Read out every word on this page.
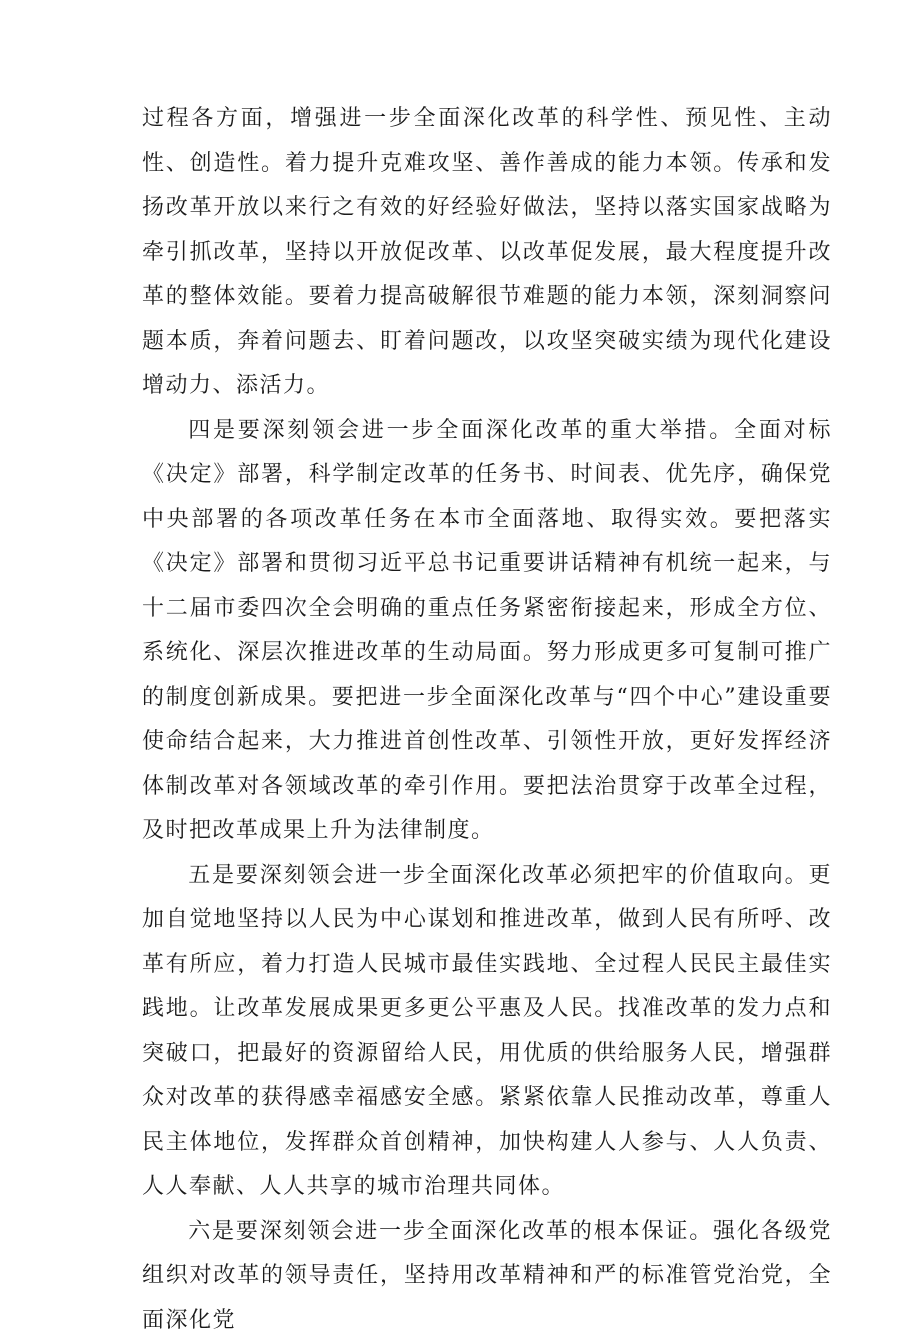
过程各方面，增强进一步全面深化改革的科学性、预见性、主动性、创造性。着力提升克难攻坚、善作善成的能力本领。传承和发扬改革开放以来行之有效的好经验好做法，坚持以落实国家战略为牵引抓改革，坚持以开放促改革、以改革促发展，最大程度提升改革的整体效能。要着力提高破解很节难题的能力本领，深刻洞察问题本质，奔着问题去、盯着问题改，以攻坚突破实绩为现代化建设增动力、添活力。

四是要深刻领会进一步全面深化改革的重大举措。全面对标《决定》部署，科学制定改革的任务书、时间表、优先序，确保党中央部署的各项改革任务在本市全面落地、取得实效。要把落实《决定》部署和贯彻习近平总书记重要讲话精神有机统一起来，与十二届市委四次全会明确的重点任务紧密衔接起来，形成全方位、系统化、深层次推进改革的生动局面。努力形成更多可复制可推广的制度创新成果。要把进一步全面深化改革与“四个中心”建设重要使命结合起来，大力推进首创性改革、引领性开放，更好发挥经济体制改革对各领域改革的牵引作用。要把法治贯穿于改革全过程，及时把改革成果上升为法律制度。

五是要深刻领会进一步全面深化改革必须把牢的价值取向。更加自觉地坚持以人民为中心谋划和推进改革，做到人民有所呼、改革有所应，着力打造人民城市最佳实践地、全过程人民民主最佳实践地。让改革发展成果更多更公平惠及人民。找准改革的发力点和突破口，把最好的资源留给人民，用优质的供给服务人民，增强群众对改革的获得感幸福感安全感。紧紧依靠人民推动改革，尊重人民主体地位，发挥群众首创精神，加快构建人人参与、人人负责、人人奉献、人人共享的城市治理共同体。

六是要深刻领会进一步全面深化改革的根本保证。强化各级党组织对改革的领导责任，坚持用改革精神和严的标准管党治党，全面深化党
